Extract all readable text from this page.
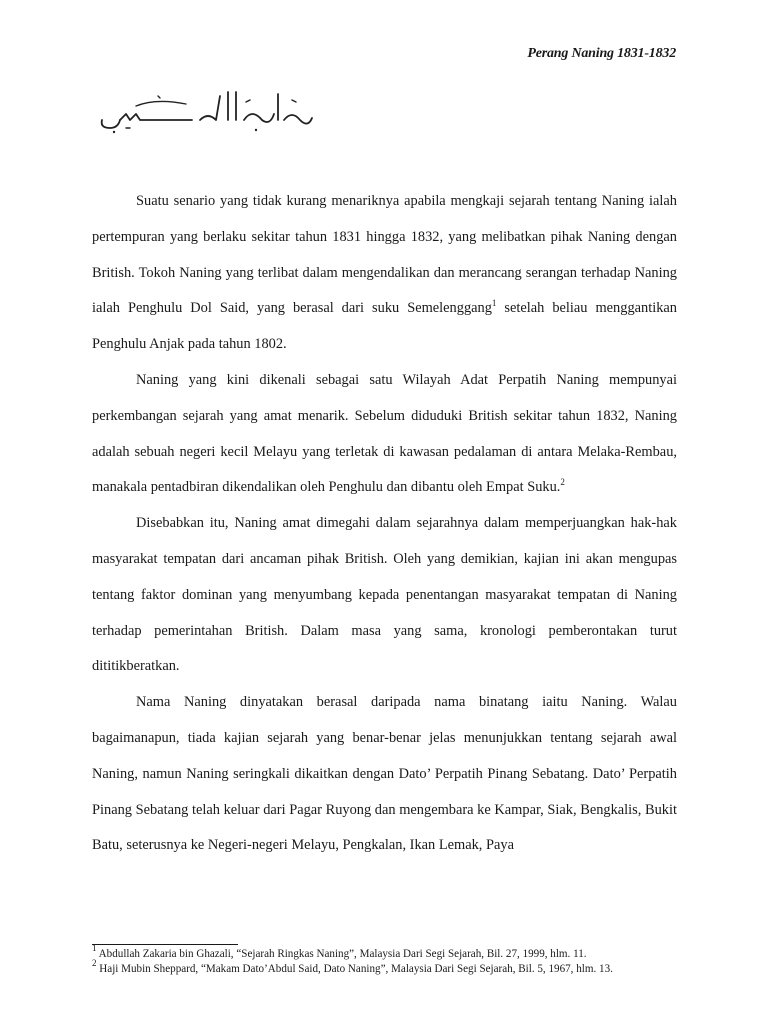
Perang Naning 1831-1832

Suatu senario yang tidak kurang menariknya apabila mengkaji sejarah tentang Naning ialah pertempuran yang berlaku sekitar tahun 1831 hingga 1832, yang melibatkan pihak Naning dengan British. Tokoh Naning yang terlibat dalam mengendalikan dan merancang serangan terhadap Naning ialah Penghulu Dol Said, yang berasal dari suku Semelenggang$^1$ setelah beliau menggantikan Penghulu Anjak pada tahun 1802.

Naning yang kini dikenali sebagai satu Wilayah Adat Perpatih Naning mempunyai perkembangan sejarah yang amat menarik. Sebelum diduduki British sekitar tahun 1832, Naning adalah sebuah negeri kecil Melayu yang terletak di kawasan pedalaman di antara Melaka-Rembau, manakala pentadbiran dikendalikan oleh Penghulu dan dibantu oleh Empat Suku.$^2$

Disebabkan itu, Naning amat dimegahi dalam sejarahnya dalam memperjuangkan hak-hak masyarakat tempatan dari ancaman pihak British. Oleh yang demikian, kajian ini akan mengupas tentang faktor dominan yang menyumbang kepada penentangan masyarakat tempatan di Naning terhadap pemerintahan British. Dalam masa yang sama, kronologi pemberontakan turut dititikberatkan.

Nama Naning dinyatakan berasal daripada nama binatang iaitu Naning. Walau bagaimanapun, tiada kajian sejarah yang benar-benar jelas menunjukkan tentang sejarah awal Naning, namun Naning seringkali dikaitkan dengan Dato’ Perpatih Pinang Sebatang. Dato’ Perpatih Pinang Sebatang telah keluar dari Pagar Ruyong dan mengembara ke Kampar, Siak, Bengkalis, Bukit Batu, seterusnya ke Negeri-negeri Melayu, Pengkalan, Ikan Lemak, Paya

$^1$ Abdullah Zakaria bin Ghazali, “Sejarah Ringkas Naning”, Malaysia Dari Segi Sejarah, Bil. 27, 1999, hlm. 11.

$^2$ Haji Mubin Sheppard, “Makam Dato’Abdul Said, Dato Naning”, Malaysia Dari Segi Sejarah, Bil. 5, 1967, hlm. 13.
